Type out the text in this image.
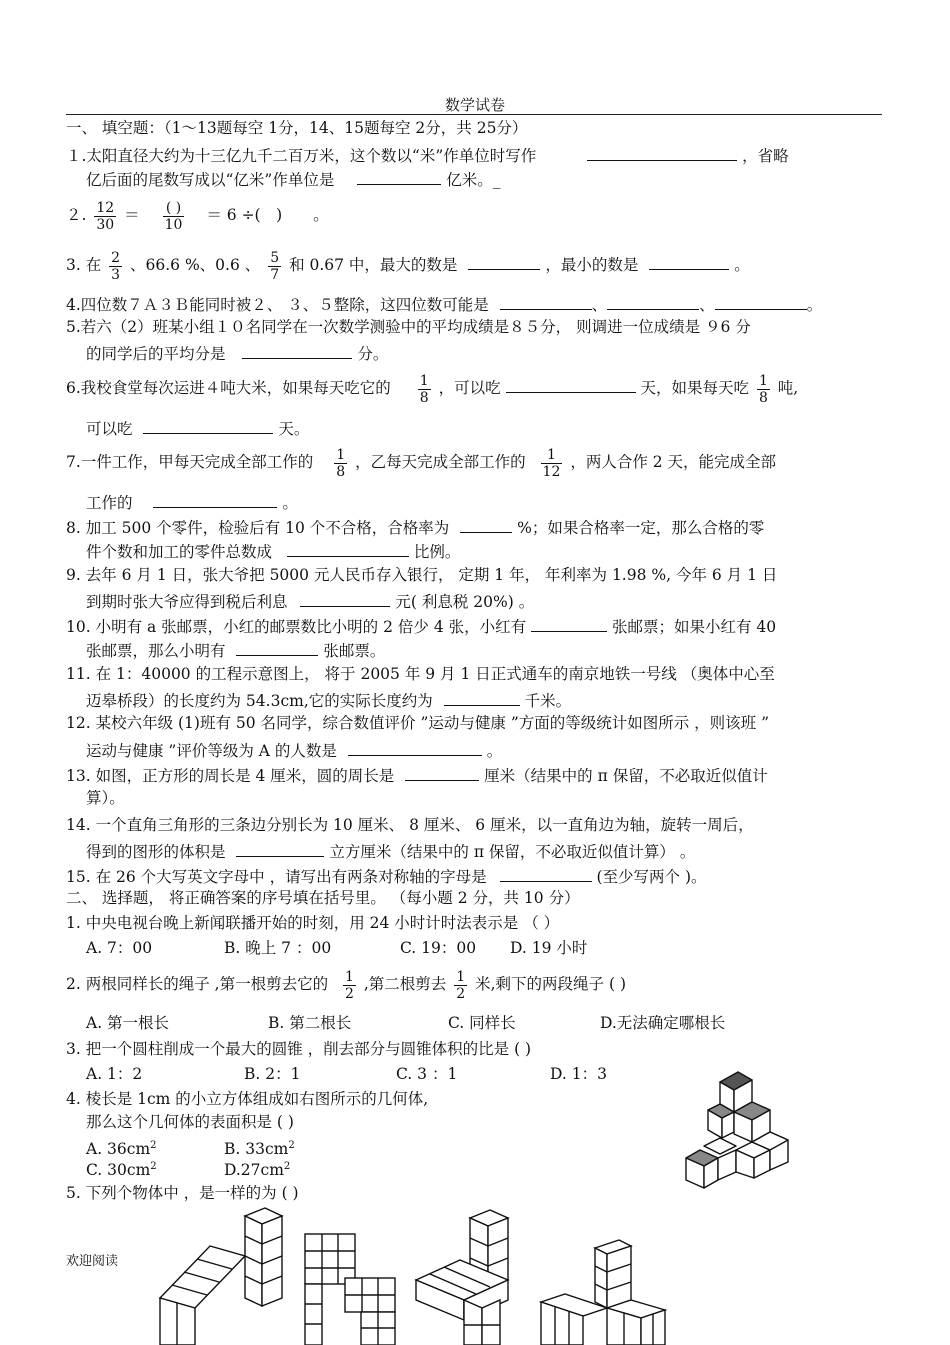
数学试卷
一、 填空题：（1～13题每空 1分，14、15题每空 2分，共 25分）
１.太阳直径大约为十三亿九千二百万米，这个数以“米”作单位时写作	，省略
亿后面的尾数写成以“亿米”作单位是	亿米。_
２. $\frac{12}{30} = \frac{( )}{10} = 6$ ÷(　)　　。
3. 在 $\frac{2}{3}$ 、66.6 %、0.6 、 $\frac{5}{7}$ 和 0.67 中，最大的数是	，最小的数是	。
4.四位数７Ａ３Ｂ能同时被２、 ３、５整除，这四位数可能是	、	、	。
5.若六（2）班某小组１０名同学在一次数学测验中的平均成绩是８５分， 则调进一位成绩是 ９6 分
的同学后的平均分是	分。
6.我校食堂每次运进４吨大米，如果每天吃它的 $\frac{1}{8}$ ，可以吃	天，如果每天吃 $\frac{1}{8}$ 吨,
可以吃	天。
7.一件工作，甲每天完成全部工作的 $\frac{1}{8}$ ，乙每天完成全部工作的 $\frac{1}{12}$ ，两人合作 2 天，能完成全部
工作的	。
8. 加工 500 个零件，检验后有 10 个不合格，合格率为	%；如果合格率一定，那么合格的零
件个数和加工的零件总数成	比例。
9. 去年 6 月 1 日，张大爷把 5000 元人民币存入银行， 定期 1 年， 年利率为 1.98 %, 今年 6 月 1 日
到期时张大爷应得到税后利息	元( 利息税 20%) 。
10. 小明有 a 张邮票，小红的邮票数比小明的 2 倍少 4 张，小红有	张邮票；如果小红有 40
张邮票，那么小明有	张邮票。
11. 在 1：40000 的工程示意图上， 将于 2005 年 9 月 1 日正式通车的南京地铁一号线 （奥体中心至
迈皋桥段）的长度约为 54.3cm,它的实际长度约为	千米。
12. 某校六年级 (1)班有 50 名同学，综合数值评价 ”运动与健康 ”方面的等级统计如图所示 ，则该班 ”
运动与健康 ”评价等级为 A 的人数是	。
13. 如图，正方形的周长是 4 厘米，圆的周长是	厘米（结果中的 π 保留，不必取近似值计
算）。
14. 一个直角三角形的三条边分别长为 10 厘米、 8 厘米、 6 厘米，以一直角边为轴，旋转一周后，
得到的图形的体积是	立方厘米（结果中的 π 保留，不必取近似值计算） 。
15. 在 26 个大写英文字母中 ，请写出有两条对称轴的字母是	(至少写两个 )。
二、 选择题， 将正确答案的序号填在括号里。 （每小题 2 分，共 10 分）
1. 中央电视台晚上新闻联播开始的时刻，用 24 小时计时法表示是 （ ）
A. 7：00	B. 晚上 7 ：00	C. 19：00 D. 19 小时
2. 两根同样长的绳子 ,第一根剪去它的 $\frac{1}{2}$ ,第二根剪去 $\frac{1}{2}$ 米,剩下的两段绳子 ( )
A. 第一根长	B. 第二根长	C. 同样长	D.无法确定哪根长
3. 把一个圆柱削成一个最大的圆锥 ，削去部分与圆锥体积的比是 ( )
A. 1：2	B. 2：1	C. 3 ：1	D. 1：3
4. 棱长是 1cm 的小立方体组成如右图所示的几何体,
那么这个几何体的表面积是 ( )
A. $36cm^2$	B. $33cm^2$
C. $30cm^2$	$D.27cm^2$
5. 下列个物体中 ，是一样的为 ( )
欢迎阅读
